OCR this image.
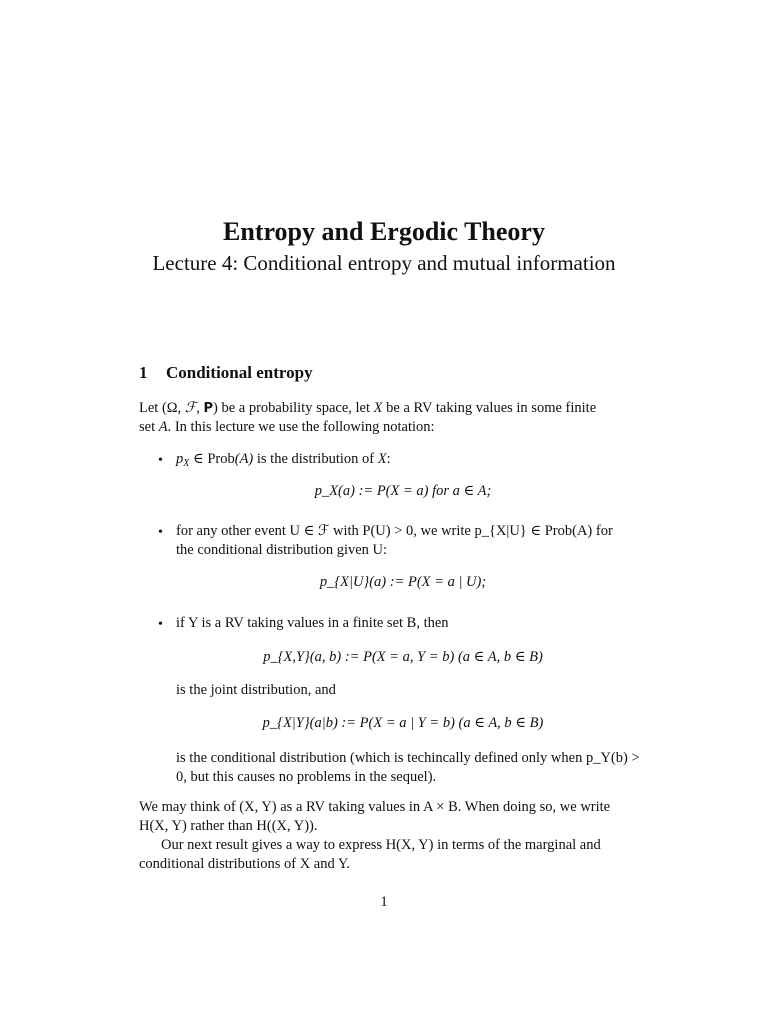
Entropy and Ergodic Theory
Lecture 4: Conditional entropy and mutual information
1 Conditional entropy
Let (Ω, ℱ, P) be a probability space, let X be a RV taking values in some finite
set A. In this lecture we use the following notation:
• $p_X$ ∈ Prob(A) is the distribution of X:
p_X(a) := P(X = a) for a ∈ A;
• for any other event U ∈ ℱ with P(U) > 0, we write p_{X|U} ∈ Prob(A) for
the conditional distribution given U:
p_{X|U}(a) := P(X = a | U);
• if Y is a RV taking values in a finite set B, then
p_{X,Y}(a, b) := P(X = a, Y = b) (a ∈ A, b ∈ B)
is the joint distribution, and
p_{X|Y}(a|b) := P(X = a | Y = b) (a ∈ A, b ∈ B)
is the conditional distribution (which is techincally defined only when p_Y(b) >
0, but this causes no problems in the sequel).
We may think of (X, Y) as a RV taking values in A × B. When doing so, we write
H(X, Y) rather than H((X, Y)).
Our next result gives a way to express H(X, Y) in terms of the marginal and
conditional distributions of X and Y.
1
